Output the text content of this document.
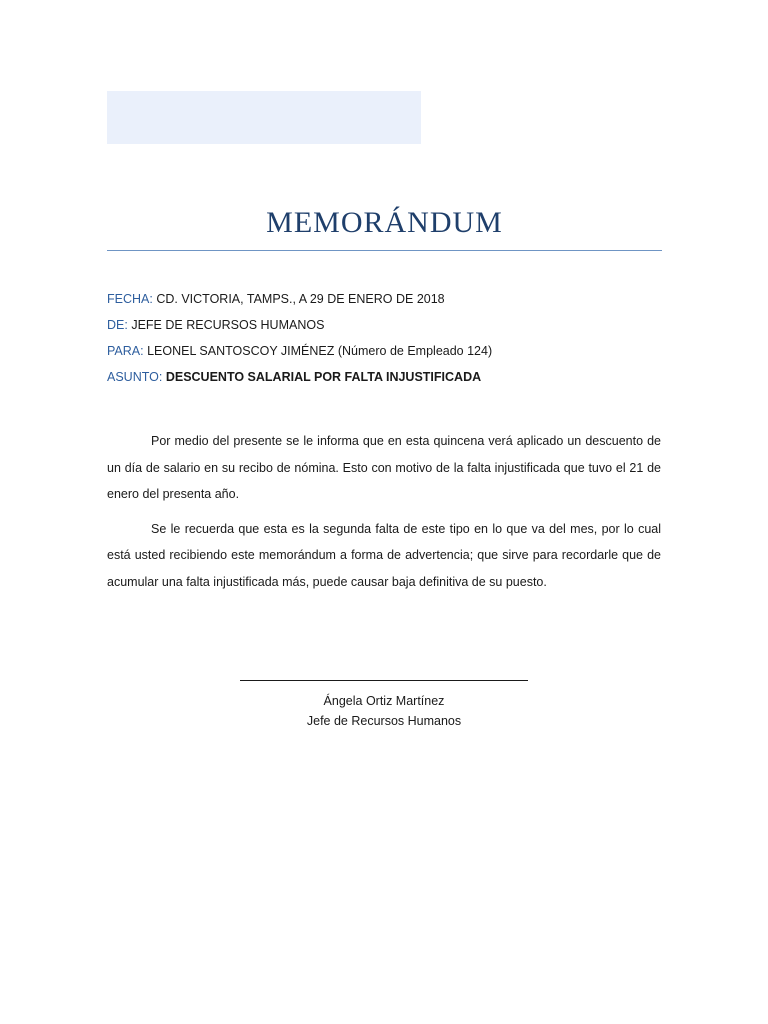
MEMORÁNDUM
FECHA: CD. VICTORIA, TAMPS., A 29 DE ENERO DE 2018
DE: JEFE DE RECURSOS HUMANOS
PARA: LEONEL SANTOSCOY JIMÉNEZ (Número de Empleado 124)
ASUNTO: DESCUENTO SALARIAL POR FALTA INJUSTIFICADA

Por medio del presente se le informa que en esta quincena verá aplicado un descuento de un día de salario en su recibo de nómina. Esto con motivo de la falta injustificada que tuvo el 21 de enero del presenta año.

Se le recuerda que esta es la segunda falta de este tipo en lo que va del mes, por lo cual está usted recibiendo este memorándum a forma de advertencia; que sirve para recordarle que de acumular una falta injustificada más, puede causar baja definitiva de su puesto.

Ángela Ortiz Martínez
Jefe de Recursos Humanos
